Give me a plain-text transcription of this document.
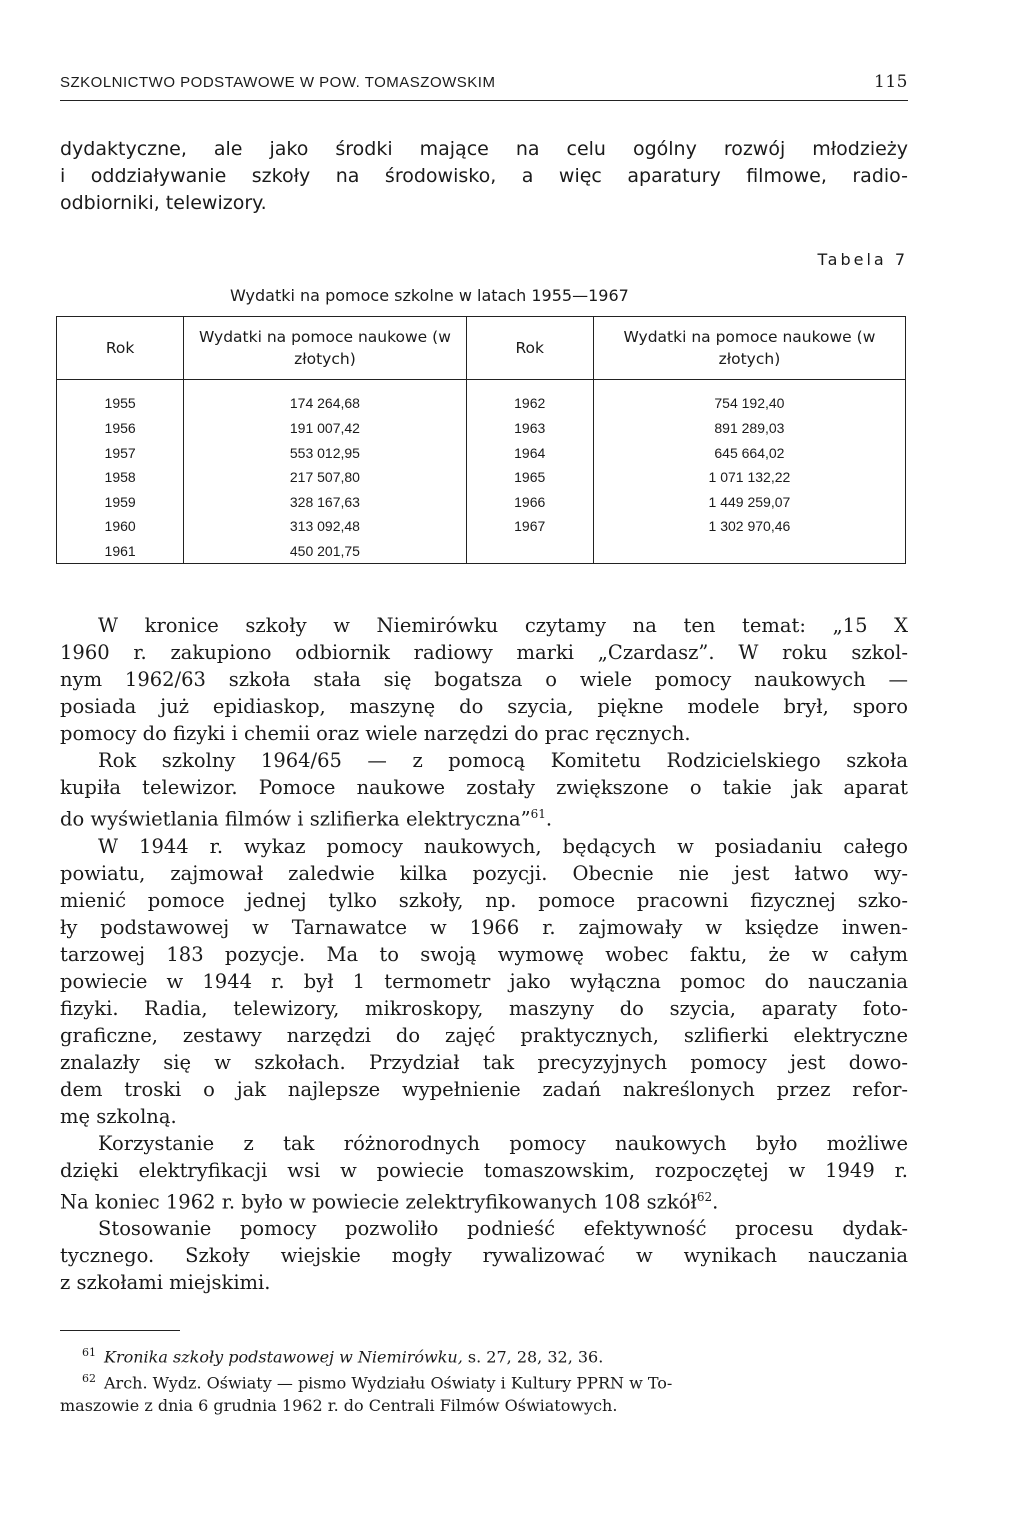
SZKOLNICTWO PODSTAWOWE W POW. TOMASZOWSKIM	115
dydaktyczne, ale jako środki mające na celu ogólny rozwój młodzieży
i oddziaływanie szkoły na środowisko, a więc aparatury filmowe, radio-
odbiorniki, telewizory.
Tabela 7
Wydatki na pomoce szkolne w latach 1955—1967
Rok	Wydatki na pomoce naukowe (w złotych)	Rok	Wydatki na pomoce naukowe (w złotych)
1955	174 264,68	1962	754 192,40
1956	191 007,42	1963	891 289,03
1957	553 012,95	1964	645 664,02
1958	217 507,80	1965	1 071 132,22
1959	328 167,63	1966	1 449 259,07
1960	313 092,48	1967	1 302 970,46
1961	450 201,75		
W kronice szkoły w Niemirówku czytamy na ten temat: „15 X
1960 r. zakupiono odbiornik radiowy marki „Czardasz”. W roku szkol-
nym 1962/63 szkoła stała się bogatsza o wiele pomocy naukowych —
posiada już epidiaskop, maszynę do szycia, piękne modele brył, sporo
pomocy do fizyki i chemii oraz wiele narzędzi do prac ręcznych.
Rok szkolny 1964/65 — z pomocą Komitetu Rodzicielskiego szkoła
kupiła telewizor. Pomoce naukowe zostały zwiększone o takie jak aparat
do wyświetlania filmów i szlifierka elektryczna”$^{61}$.
W 1944 r. wykaz pomocy naukowych, będących w posiadaniu całego
powiatu, zajmował zaledwie kilka pozycji. Obecnie nie jest łatwo wy-
mienić pomoce jednej tylko szkoły, np. pomoce pracowni fizycznej szko-
ły podstawowej w Tarnawatce w 1966 r. zajmowały w księdze inwen-
tarzowej 183 pozycje. Ma to swoją wymowę wobec faktu, że w całym
powiecie w 1944 r. był 1 termometr jako wyłączna pomoc do nauczania
fizyki. Radia, telewizory, mikroskopy, maszyny do szycia, aparaty foto-
graficzne, zestawy narzędzi do zajęć praktycznych, szlifierki elektryczne
znalazły się w szkołach. Przydział tak precyzyjnych pomocy jest dowo-
dem troski o jak najlepsze wypełnienie zadań nakreślonych przez refor-
mę szkolną.
Korzystanie z tak różnorodnych pomocy naukowych było możliwe
dzięki elektryfikacji wsi w powiecie tomaszowskim, rozpoczętej w 1949 r.
Na koniec 1962 r. było w powiecie zelektryfikowanych 108 szkół$^{62}$.
Stosowanie pomocy pozwoliło podnieść efektywność procesu dydak-
tycznego. Szkoły wiejskie mogły rywalizować w wynikach nauczania
z szkołami miejskimi.
$^{61}$ Kronika szkoły podstawowej w Niemirówku, s. 27, 28, 32, 36.
$^{62}$ Arch. Wydz. Oświaty — pismo Wydziału Oświaty i Kultury PPRN w To-
maszowie z dnia 6 grudnia 1962 r. do Centrali Filmów Oświatowych.
